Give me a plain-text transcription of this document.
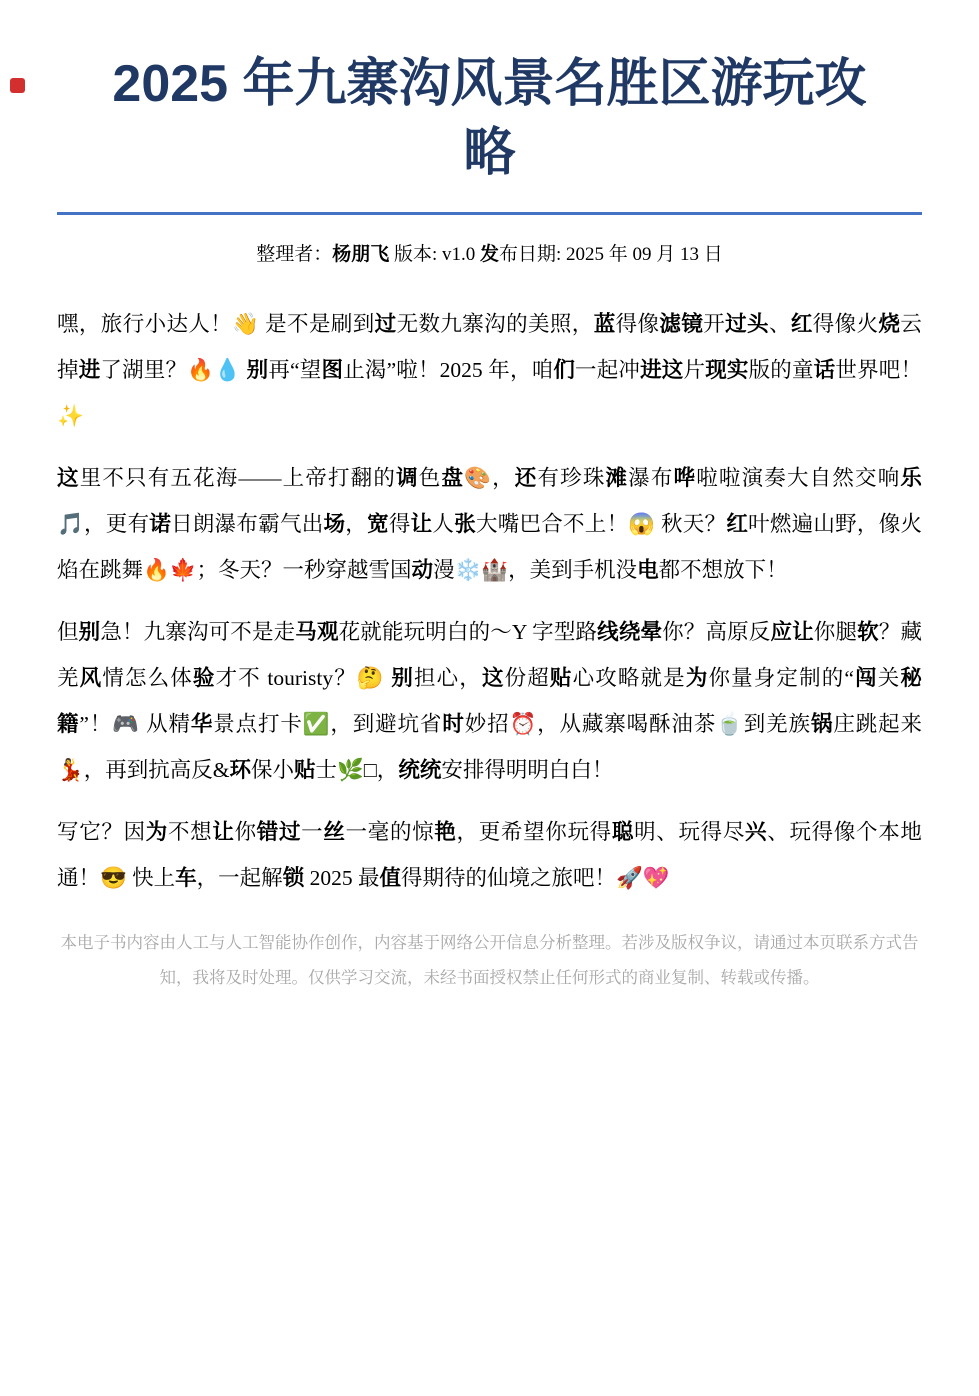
2025 年九寨沟风景名胜区游玩攻略
整理者：杨朋飞 版本: v1.0 发布日期: 2025 年 09 月 13 日

嘿，旅行小达人！👋 是不是刷到过无数九寨沟的美照，蓝得像滤镜开过头、红得像火烧云掉进了湖里？🔥💧 别再“望图止渴”啦！2025 年，咱们一起冲进这片现实版的童话世界吧！✨

这里不只有五花海——上帝打翻的调色盘🎨，还有珍珠滩瀑布哗啦啦演奏大自然交响乐🎵，更有诺日朗瀑布霸气出场，宽得让人张大嘴巴合不上！😱 秋天？红叶燃遍山野，像火焰在跳舞🔥🍁；冬天？一秒穿越雪国动漫❄️🏰，美到手机没电都不想放下！

但别急！九寨沟可不是走马观花就能玩明白的～Y 字型路线绕晕你？高原反应让你腿软？藏羌风情怎么体验才不 touristy？🤔 别担心，这份超贴心攻略就是为你量身定制的“闯关秘籍”！🎮 从精华景点打卡✅，到避坑省时妙招⏰，从藏寨喝酥油茶🍵到羌族锅庄跳起来💃，再到抗高反&环保小贴士🌿□，统统安排得明明白白！

写它？因为不想让你错过一丝一毫的惊艳，更希望你玩得聪明、玩得尽兴、玩得像个本地通！😎 快上车，一起解锁 2025 最值得期待的仙境之旅吧！🚀💖

本电子书内容由人工与人工智能协作创作，内容基于网络公开信息分析整理。若涉及版权争议，请通过本页联系方式告知，我将及时处理。仅供学习交流，未经书面授权禁止任何形式的商业复制、转载或传播。
